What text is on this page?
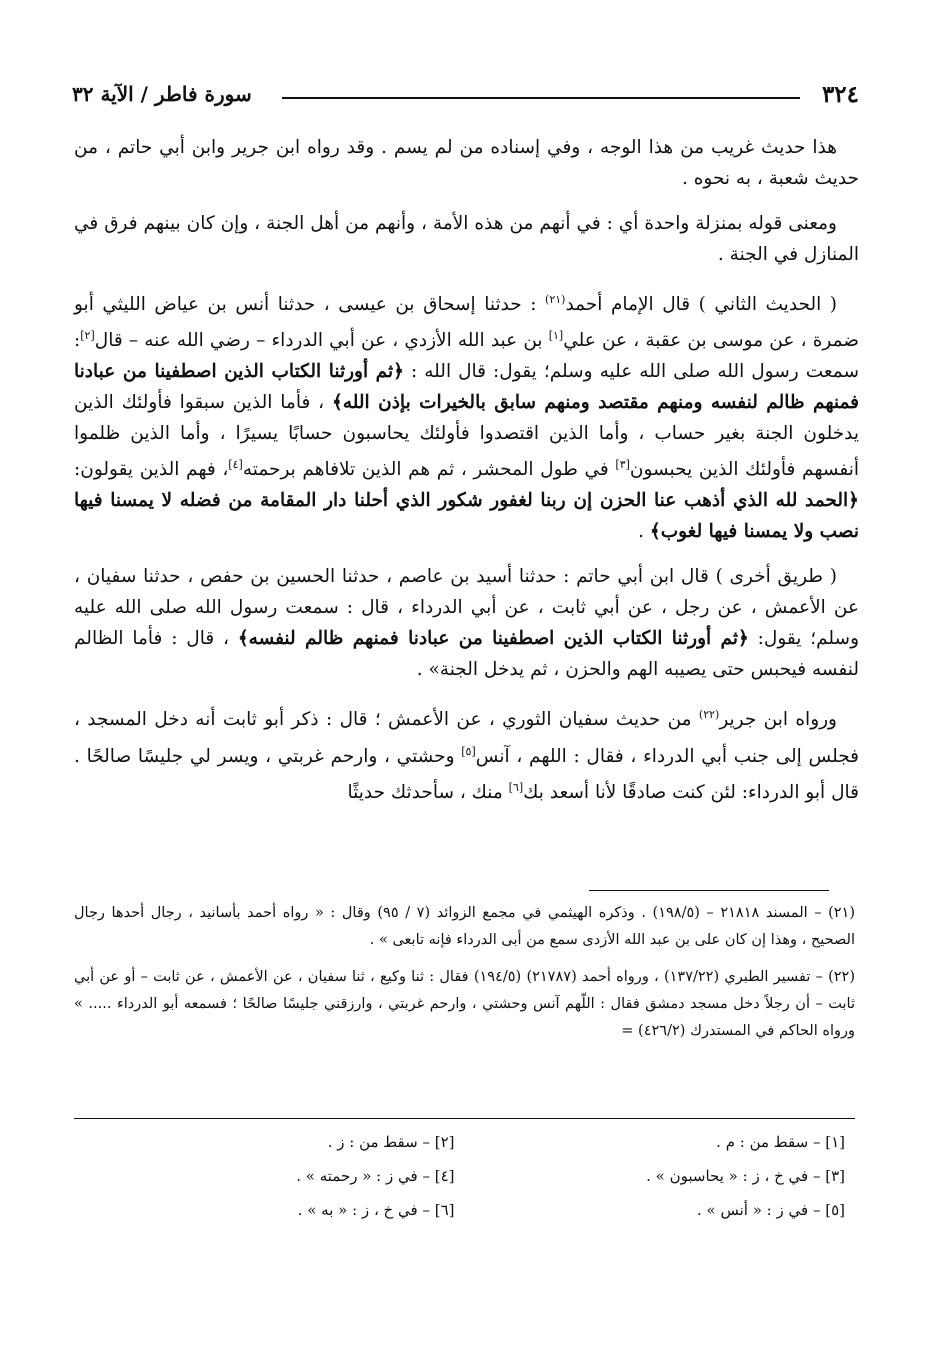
٣٢٤
سورة فاطر / الآية ٣٢

هذا حديث غريب من هذا الوجه ، وفي إسناده من لم يسم . وقد رواه ابن جرير وابن أبي حاتم ، من حديث شعبة ، به نحوه .

ومعنى قوله بمنزلة واحدة أي : في أنهم من هذه الأمة ، وأنهم من أهل الجنة ، وإن كان بينهم فرق في المنازل في الجنة .

( الحديث الثاني ) قال الإمام أحمد$^{(٢١)}$ : حدثنا إسحاق بن عيسى ، حدثنا أنس بن عياض الليثي أبو ضمرة ، عن موسى بن عقبة ، عن علي[١] بن عبد الله الأزدي ، عن أبي الدرداء – رضي الله عنه – قال[٢]: سمعت رسول الله صلى الله عليه وسلم؛ يقول: قال الله : ﴿ثم أورثنا الكتاب الذين اصطفينا من عبادنا فمنهم ظالم لنفسه ومنهم مقتصد ومنهم سابق بالخيرات بإذن الله﴾ ، فأما الذين سبقوا فأولئك الذين يدخلون الجنة بغير حساب ، وأما الذين اقتصدوا فأولئك يحاسبون حسابًا يسيرًا ، وأما الذين ظلموا أنفسهم فأولئك الذين يحبسون[٣] في طول المحشر ، ثم هم الذين تلافاهم برحمته[٤]، فهم الذين يقولون: ﴿الحمد لله الذي أذهب عنا الحزن إن ربنا لغفور شكور الذي أحلنا دار المقامة من فضله لا يمسنا فيها نصب ولا يمسنا فيها لغوب﴾ .

( طريق أخرى ) قال ابن أبي حاتم : حدثنا أسيد بن عاصم ، حدثنا الحسين بن حفص ، حدثنا سفيان ، عن الأعمش ، عن رجل ، عن أبي ثابت ، عن أبي الدرداء ، قال : سمعت رسول الله صلى الله عليه وسلم؛ يقول: ﴿ثم أورثنا الكتاب الذين اصطفينا من عبادنا فمنهم ظالم لنفسه﴾ ، قال : فأما الظالم لنفسه فيحبس حتى يصيبه الهم والحزن ، ثم يدخل الجنة» .

ورواه ابن جرير$^{(٢٢)}$ من حديث سفيان الثوري ، عن الأعمش ؛ قال : ذكر أبو ثابت أنه دخل المسجد ، فجلس إلى جنب أبي الدرداء ، فقال : اللهم ، آنس[٥] وحشتي ، وارحم غربتي ، ويسر لي جليسًا صالحًا . قال أبو الدرداء: لئن كنت صادقًا لأنا أسعد بك[٦] منك ، سأحدثك حديثًا

(٢١) – المسند ٢١٨١٨ – (١٩٨/٥) . وذكره الهيثمي في مجمع الزوائد (٧ / ٩٥) وقال : « رواه أحمد بأسانيد ، رجال أحدها رجال الصحيح ، وهذا إن كان على بن عبد الله الأزدى سمع من أبى الدرداء فإنه تابعى » .

(٢٢) – تفسير الطبري (١٣٧/٢٢) ، ورواه أحمد (٢١٧٨٧) (١٩٤/٥) فقال : ثنا وكيع ، ثنا سفيان ، عن الأعمش ، عن ثابت – أو عن أبي ثابت – أن رجلاً دخل مسجد دمشق فقال : اللّهم آنس وحشتي ، وارحم غربتي ، وارزقني جليسًا صالحًا ؛ فسمعه أبو الدرداء ..... » ورواه الحاكم في المستدرك (٤٢٦/٢) =

[١] – سقط من : م .
[٢] – سقط من : ز .
[٣] – في خ ، ز : « يحاسبون » .
[٤] – في ز : « رحمته » .
[٥] – في ز : « أنس » .
[٦] – في خ ، ز : « به » .
